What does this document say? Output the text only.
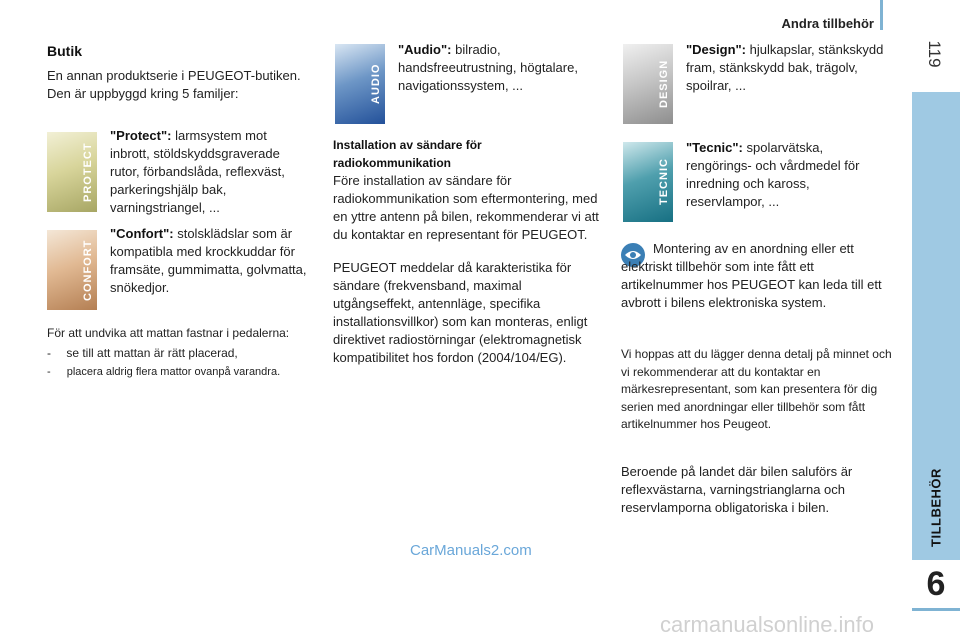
Andra tillbehör
119
TILLBEHÖR
6
Butik
En annan produktserie i PEUGEOT-butiken. Den är uppbyggd kring 5 familjer:
PROTECT
"Protect": larmsystem mot inbrott, stöldskyddsgraverade rutor, förbandslåda, reflexväst, parkeringshjälp bak, varningstriangel, ...
CONFORT
"Confort": stolsklädslar som är kompatibla med krockkuddar för framsäte, gummimatta, golvmatta, snökedjor.
För att undvika att mattan fastnar i pedalerna:
- se till att mattan är rätt placerad,
- placera aldrig flera mattor ovanpå varandra.
AUDIO
"Audio": bilradio, handsfreeutrustning, högtalare, navigationssystem, ...
Installation av sändare för radiokommunikation
Före installation av sändare för radiokommunikation som eftermontering, med en yttre antenn på bilen, rekommenderar vi att du kontaktar en representant för PEUGEOT.
PEUGEOT meddelar då karakteristika för sändare (frekvensband, maximal utgångseffekt, antennläge, specifika installationsvillkor) som kan monteras, enligt direktivet radiostörningar (elektromagnetisk kompatibilitet hos fordon (2004/104/EG).
DESIGN
"Design": hjulkapslar, stänkskydd fram, stänkskydd bak, trägolv, spoilrar, ...
TECNIC
"Tecnic": spolarvätska, rengörings- och vårdmedel för inredning och kaross, reservlampor, ...
Montering av en anordning eller ett elektriskt tillbehör som inte fått ett artikelnummer hos PEUGEOT kan leda till ett avbrott i bilens elektroniska system.
Vi hoppas att du lägger denna detalj på minnet och vi rekommenderar att du kontaktar en märkesrepresentant, som kan presentera för dig serien med anordningar eller tillbehör som fått artikelnummer hos Peugeot.
Beroende på landet där bilen saluförs är reflexvästarna, varningstrianglarna och reservlamporna obligatoriska i bilen.
CarManuals2.com
carmanualsonline.info
